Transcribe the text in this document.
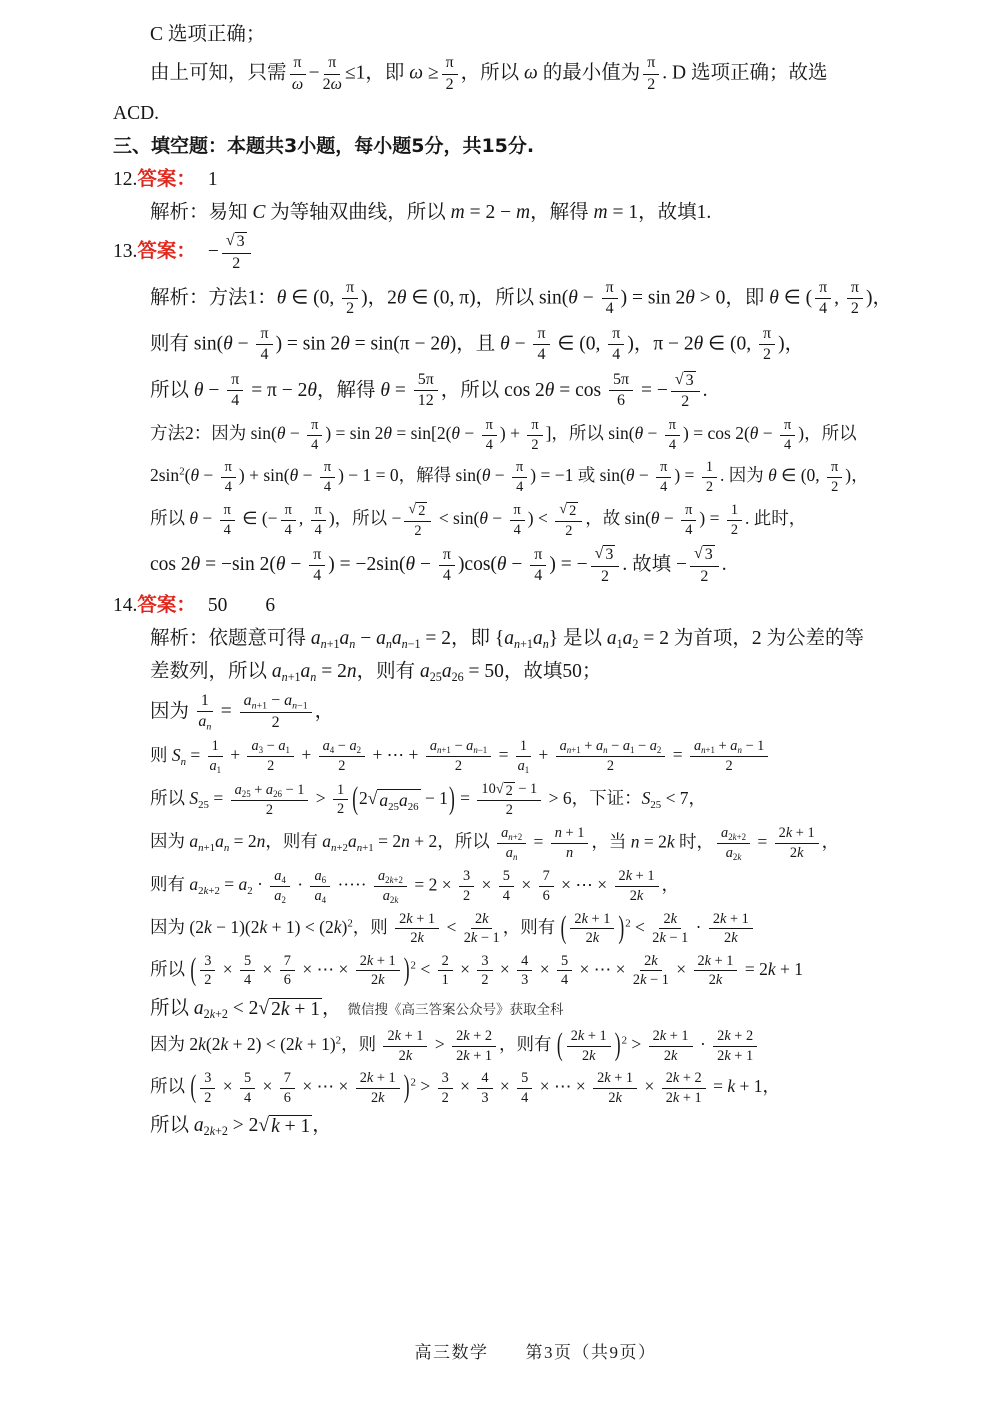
C 选项正确；
由上可知，只需 $\frac{\pi}{\omega} - \frac{\pi}{2\omega} \le 1$，即 $\omega \ge \frac{\pi}{2}$ ，所以 ω 的最小值为 $\frac{\pi}{2}$ . D 选项正确；故选
ACD.
三、填空题：本题共3小题，每小题5分，共15分.
12.答案： 1
解析：易知 C 为等轴双曲线，所以 m = 2 − m，解得 m = 1，故填1.
13.答案： − $\frac{√ 3}{2}$
解析：方法1：θ ∈ (0, $\frac{\pi}{2}$ )，2θ ∈ (0, π)，所以 $\sin(\theta - \frac{\pi}{4}$ ) = sin 2θ > 0，即 θ ∈ ( $\frac{\pi}{4}$ , $\frac{\pi}{2}$ )，
则有 $\sin(\theta - \frac{\pi}{4}$ ) = sin 2θ = sin(π − 2θ)，且 $\theta - \frac{\pi}{4}$ ∈ (0, $\frac{\pi}{4}$ )，π − 2θ ∈ (0, $\frac{\pi}{2}$ )，
所以 $\theta - \frac{\pi}{4} = \pi - 2\theta$，解得 $\theta = \frac{5\pi}{12}$ ，所以 $\cos 2\theta = \cos \frac{5\pi}{6}$ = − $\frac{√ 3}{2}$ .
方法2：因为 $\sin(\theta - \frac{\pi}{4}$ ) = $\sin 2\theta = \sin[2(\theta - \frac{\pi}{4}$ ) + $\frac{\pi}{2}$ ]，所以 $\sin(\theta - \frac{\pi}{4}$ ) = $\cos 2(\theta - \frac{\pi}{4}$ )，所以
$2\sin^2(\theta - \frac{\pi}{4}$ ) + $\sin(\theta - \frac{\pi}{4}$ ) − 1 = 0，解得 $\sin(\theta - \frac{\pi}{4}$ ) = −1 或 $\sin(\theta - \frac{\pi}{4}$ ) = $\frac{1}{2}$ . 因为 θ ∈ (0, $\frac{\pi}{2}$ )，
所以 $\theta - \frac{\pi}{4}$ ∈ (− $\frac{\pi}{4}$ , $\frac{\pi}{4}$ )，所以 − $\frac{√ 2}{2} < \sin(\theta - \frac{\pi}{4}$ ) < $\frac{√ 2}{2}$ ，故 $\sin(\theta - \frac{\pi}{4}$ ) = $\frac{1}{2}$ . 此时，
cos 2θ = −sin $2(\theta - \frac{\pi}{4}$ ) = $-2\sin(\theta - \frac{\pi}{4} )\cos(\theta - \frac{\pi}{4}$ ) = − $\frac{√ 3}{2}$ . 故填 − $\frac{√ 3}{2}$ .
14.答案： 50 6
解析：依题意可得 $a_{n+1}a_n - a_na_{n-1} = 2$，即 $\{a_{n+1}a_n\}$ 是以 $a_1a_2 = 2$ 为首项，2 为公差的等
差数列，所以 $a_{n+1}a_n = 2n$，则有 $a_{25}a_{26} = 50$，故填50；
因为 $\frac{1}{a_n} = \frac{a_{n+1} - a_{n-1}}{2}$ ，
则 $S_n = \frac{1}{a_1} + \frac{a_3 - a_1}{2} + \frac{a_4 - a_2}{2}$ + ⋯ + $\frac{a_{n+1} - a_{n-1}}{2} = \frac{1}{a_1} + \frac{a_{n+1} + a_n - a_1 - a_2}{2} = \frac{a_{n+1} + a_n - 1}{2}$
所以 $S_{25} = \frac{a_{25} + a_{26} - 1}{2} > \frac{1}{2} (2$ √ $a_{25}a_{26} - 1) = \frac{10 √ 2 - 1}{2} > 6$，下证：$S_{25} < 7$，
因为 $a_{n+1}a_n = 2n$，则有 $a_{n+2}a_{n+1} = 2n + 2$，所以 $\frac{a_{n+2}}{a_n} = \frac{n + 1}{n}$ ，当 n = 2k 时， $\frac{a_{2k+2}}{a_{2k}} = \frac{2k + 1}{2k}$ ，
则有 $a_{2k+2} = a_2 \cdot \frac{a_4}{a_2} \cdot \frac{a_6}{a_4}$ ····· $\frac{a_{2k+2}}{a_{2k}} = 2 \times \frac{3}{2} \times \frac{5}{4} \times \frac{7}{6}$ × ⋯ × $\frac{2k + 1}{2k}$ ，
因为 $(2k - 1)(2k + 1) < (2k)^2$，则 $\frac{2k + 1}{2k} < \frac{2k}{2k - 1}$ ，则有 ( $\frac{2k + 1}{2k} )^2 < \frac{2k}{2k - 1} \cdot \frac{2k + 1}{2k}$
所以 ( $\frac{3}{2} \times \frac{5}{4} \times \frac{7}{6}$ × ⋯ × $\frac{2k + 1}{2k} )^2 < \frac{2}{1} \times \frac{3}{2} \times \frac{4}{3} \times \frac{5}{4}$ × ⋯ × $\frac{2k}{2k - 1} \times \frac{2k + 1}{2k} = 2k + 1$
所以 $a_{2k+2} < 2$ √ 2k + 1 ， 微信搜《高三答案公众号》获取全科
因为 $2k(2k + 2) < (2k + 1)^2$，则 $\frac{2k + 1}{2k} > \frac{2k + 2}{2k + 1}$ ，则有 ( $\frac{2k + 1}{2k} )^2 > \frac{2k + 1}{2k} \cdot \frac{2k + 2}{2k + 1}$
所以 ( $\frac{3}{2} \times \frac{5}{4} \times \frac{7}{6}$ × ⋯ × $\frac{2k + 1}{2k} )^2 > \frac{3}{2} \times \frac{4}{3} \times \frac{5}{4}$ × ⋯ × $\frac{2k + 1}{2k} \times \frac{2k + 2}{2k + 1} = k + 1$，
所以 $a_{2k+2} > 2$ √ k + 1 ，
高三数学　　第3页（共9页）
